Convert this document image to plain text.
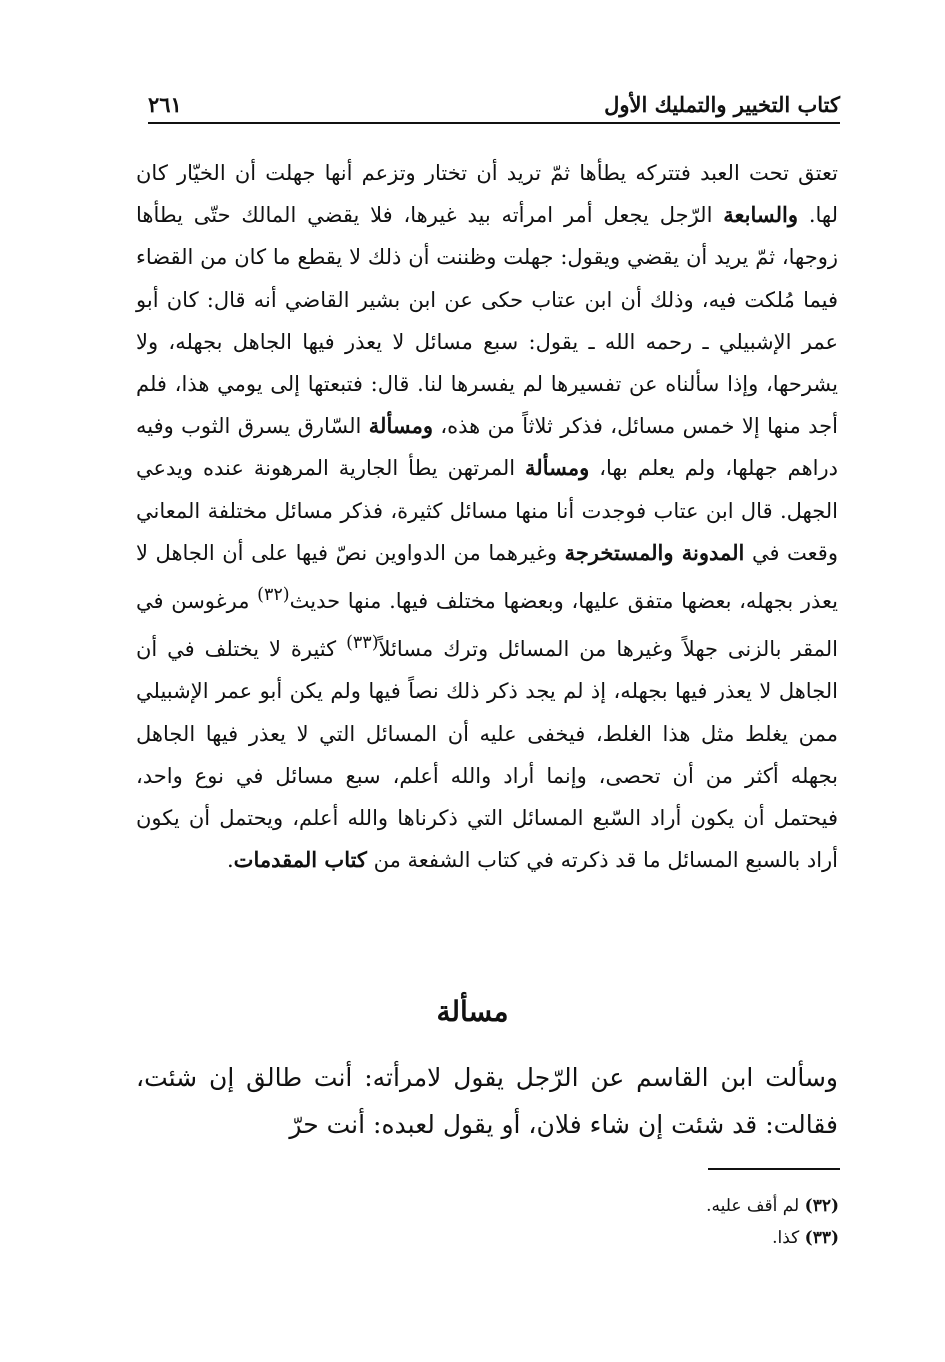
كتاب التخيير والتمليك الأول
٢٦١
تعتق تحت العبد فتتركه يطأها ثمّ تريد أن تختار وتزعم أنها جهلت أن الخيّار كان لها. والسابعة الرّجل يجعل أمر امرأته بيد غيرها، فلا يقضي المالك حتّى يطأها زوجها، ثمّ يريد أن يقضي ويقول: جهلت وظننت أن ذلك لا يقطع ما كان من القضاء فيما مُلكت فيه، وذلك أن ابن عتاب حكى عن ابن بشير القاضي أنه قال: كان أبو عمر الإشبيلي ـ رحمه الله ـ يقول: سبع مسائل لا يعذر فيها الجاهل بجهله، ولا يشرحها، وإذا سألناه عن تفسيرها لم يفسرها لنا. قال: فتبعتها إلى يومي هذا، فلم أجد منها إلا خمس مسائل، فذكر ثلاثاً من هذه، ومسألة السّارق يسرق الثوب وفيه دراهم جهلها، ولم يعلم بها، ومسألة المرتهن يطأ الجارية المرهونة عنده ويدعي الجهل. قال ابن عتاب فوجدت أنا منها مسائل كثيرة، فذكر مسائل مختلفة المعاني وقعت في المدونة والمستخرجة وغيرهما من الدواوين نصّ فيها على أن الجاهل لا يعذر بجهله، بعضها متفق عليها، وبعضها مختلف فيها. منها حديث$^{(٣٢)}$ مرغوسن في المقر بالزنى جهلاً وغيرها من المسائل وترك مسائلاً$^{(٣٣)}$ كثيرة لا يختلف في أن الجاهل لا يعذر فيها بجهله، إذ لم يجد ذكر ذلك نصاً فيها ولم يكن أبو عمر الإشبيلي ممن يغلط مثل هذا الغلط، فيخفى عليه أن المسائل التي لا يعذر فيها الجاهل بجهله أكثر من أن تحصى، وإنما أراد والله أعلم، سبع مسائل في نوع واحد، فيحتمل أن يكون أراد السّبع المسائل التي ذكرناها والله أعلم، ويحتمل أن يكون أراد بالسبع المسائل ما قد ذكرته في كتاب الشفعة من كتاب المقدمات.
مسألة
وسألت ابن القاسم عن الرّجل يقول لامرأته: أنت طالق إن شئت، فقالت: قد شئت إن شاء فلان، أو يقول لعبده: أنت حرّ
(٣٢) لم أقف عليه.
(٣٣) كذا.
